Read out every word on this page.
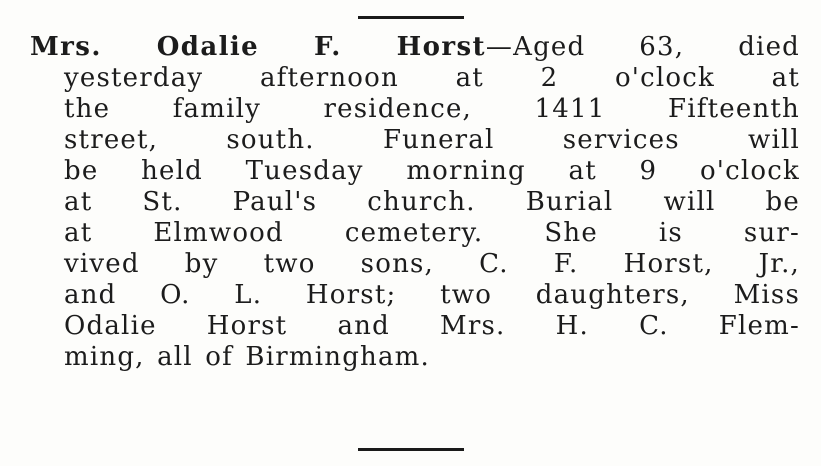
Mrs. Odalie F. Horst—Aged 63, died
yesterday afternoon at 2 o'clock at
the family residence, 1411 Fifteenth
street, south. Funeral services will
be held Tuesday morning at 9 o'clock
at St. Paul's church. Burial will be
at Elmwood cemetery. She is sur-
vived by two sons, C. F. Horst, Jr.,
and O. L. Horst; two daughters, Miss
Odalie Horst and Mrs. H. C. Flem-
ming, all of Birmingham.
